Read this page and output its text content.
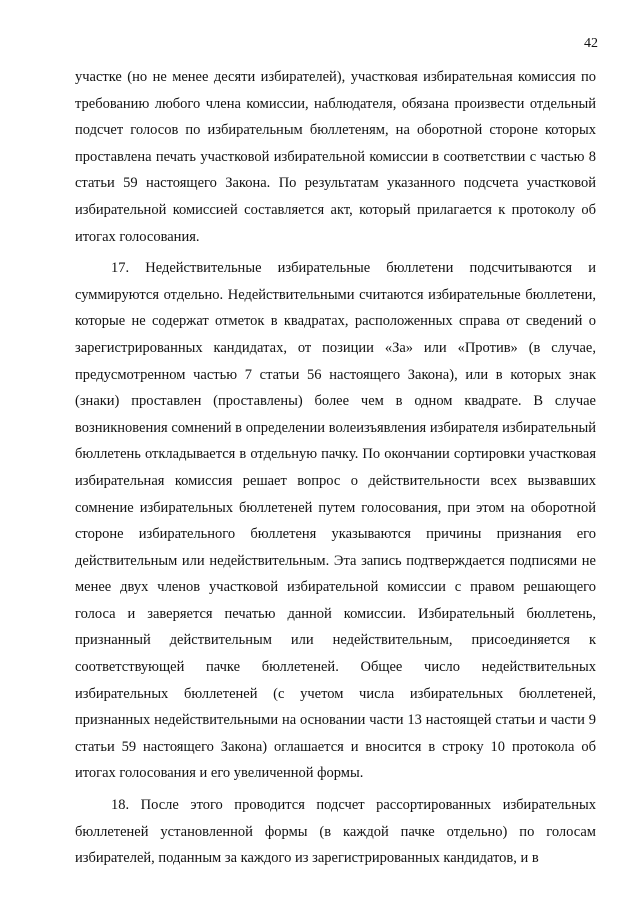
42

участке (но не менее десяти избирателей), участковая избирательная комиссия по требованию любого члена комиссии, наблюдателя, обязана произвести отдельный подсчет голосов по избирательным бюллетеням, на оборотной стороне которых проставлена печать участковой избирательной комиссии в соответствии с частью 8 статьи 59 настоящего Закона. По результатам указанного подсчета участковой избирательной комиссией составляется акт, который прилагается к протоколу об итогах голосования.

17. Недействительные избирательные бюллетени подсчитываются и суммируются отдельно. Недействительными считаются избирательные бюллетени, которые не содержат отметок в квадратах, расположенных справа от сведений о зарегистрированных кандидатах, от позиции «За» или «Против» (в случае, предусмотренном частью 7 статьи 56 настоящего Закона), или в которых знак (знаки) проставлен (проставлены) более чем в одном квадрате. В случае возникновения сомнений в определении волеизъявления избирателя избирательный бюллетень откладывается в отдельную пачку. По окончании сортировки участковая избирательная комиссия решает вопрос о действительности всех вызвавших сомнение избирательных бюллетеней путем голосования, при этом на оборотной стороне избирательного бюллетеня указываются причины признания его действительным или недействительным. Эта запись подтверждается подписями не менее двух членов участковой избирательной комиссии с правом решающего голоса и заверяется печатью данной комиссии. Избирательный бюллетень, признанный действительным или недействительным, присоединяется к соответствующей пачке бюллетеней. Общее число недействительных избирательных бюллетеней (с учетом числа избирательных бюллетеней, признанных недействительными на основании части 13 настоящей статьи и части 9 статьи 59 настоящего Закона) оглашается и вносится в строку 10 протокола об итогах голосования и его увеличенной формы.

18. После этого проводится подсчет рассортированных избирательных бюллетеней установленной формы (в каждой пачке отдельно) по голосам избирателей, поданным за каждого из зарегистрированных кандидатов, и в
